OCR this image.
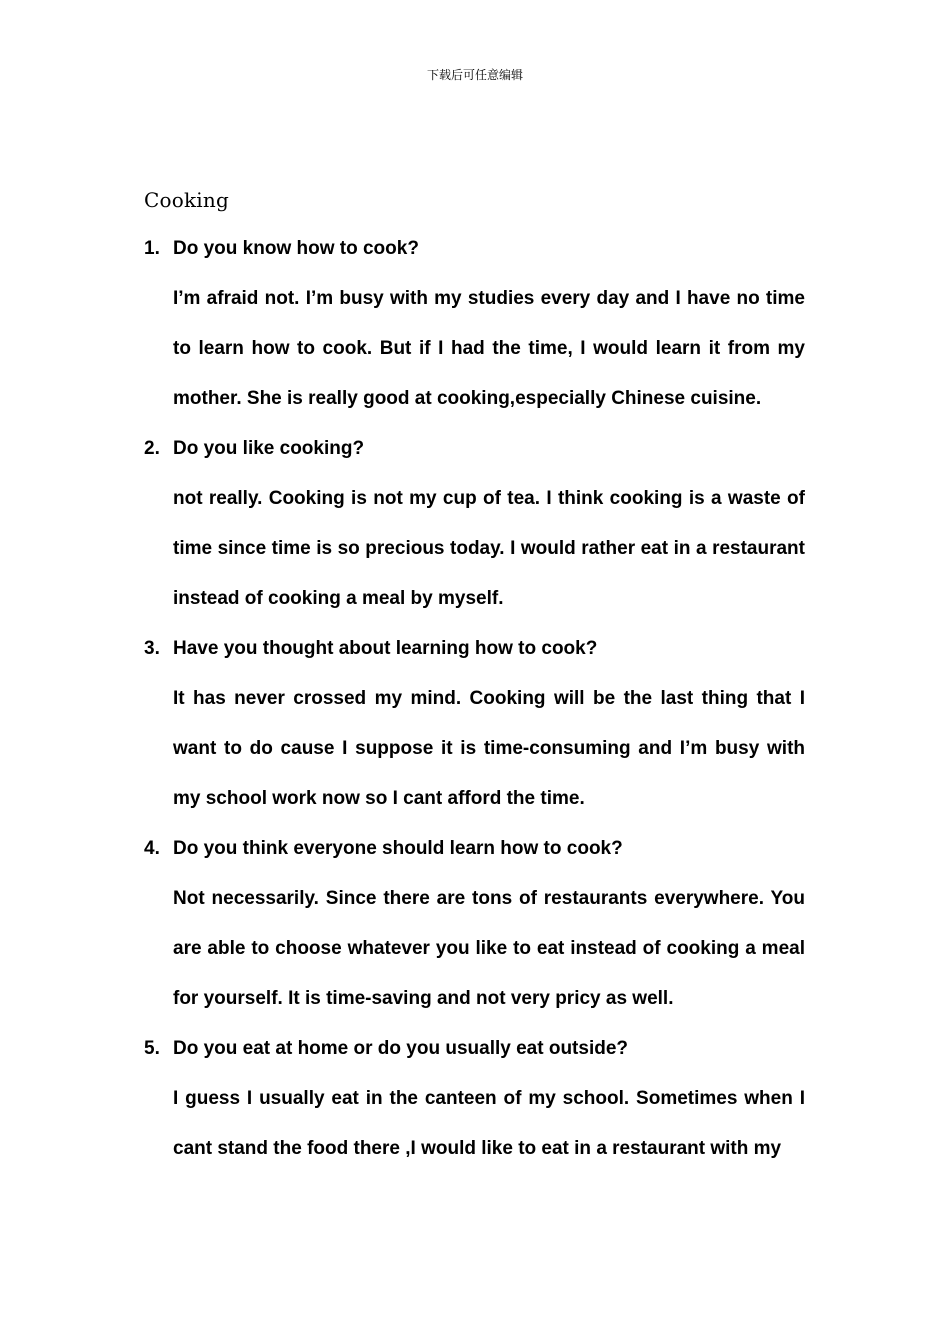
下载后可任意编辑
Cooking
1. Do you know how to cook?
I’m afraid not. I’m busy with my studies every day and I have no time to learn how to cook. But if I had the time, I would learn it from my mother. She is really good at cooking,especially Chinese cuisine.
2. Do you like cooking?
not really. Cooking is not my cup of tea. I think cooking is a waste of time since time is so precious today. I would rather eat in a restaurant instead of cooking a meal by myself.
3. Have you thought about learning how to cook?
It has never crossed my mind. Cooking will be the last thing that I want to do cause I suppose it is time-consuming and I’m busy with my school work now so I cant afford the time.
4. Do you think everyone should learn how to cook?
Not necessarily. Since there are tons of restaurants everywhere. You are able to choose whatever you like to eat instead of cooking a meal for yourself. It is time-saving and not very pricy as well.
5. Do you eat at home or do you usually eat outside?
I guess I usually eat in the canteen of my school. Sometimes when I cant stand the food there ,I would like to eat in a restaurant with my
